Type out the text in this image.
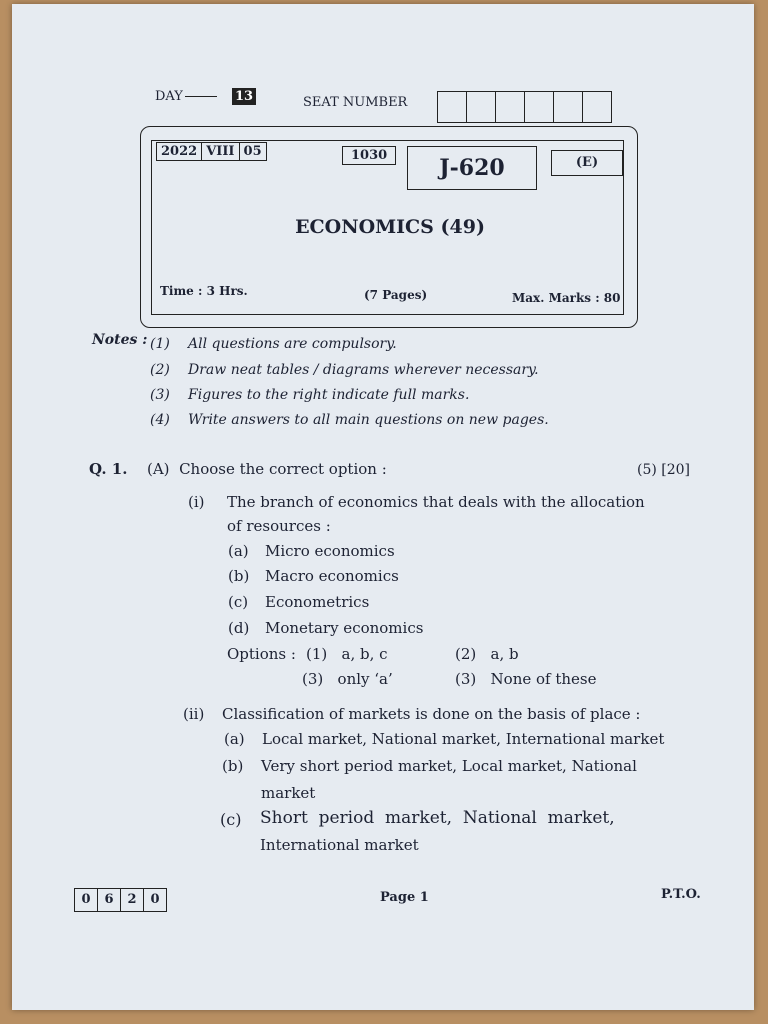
DAY	13	SEAT NUMBER
2022 VIII 05	1030	J-620	(E)
ECONOMICS (49)
Time : 3 Hrs.	(7 Pages)	Max. Marks : 80
Notes : (1) All questions are compulsory.
(2) Draw neat tables / diagrams wherever necessary.
(3) Figures to the right indicate full marks.
(4) Write answers to all main questions on new pages.
Q. 1. (A)  Choose the correct option :	(5) [20]
(i) The branch of economics that deals with the allocation
of resources :
(a) Micro economics
(b) Macro economics
(c) Econometrics
(d) Monetary economics
Options : (1)   a, b, c	(2)   a, b
(3)   only ‘a’	(3)   None of these
(ii) Classification of markets is done on the basis of place :
(a) Local market, National market, International market
(b) Very short period market, Local market, National
market
(c) Short  period  market,  National  market,
International market
0	6	2	0	Page 1	P.T.O.
